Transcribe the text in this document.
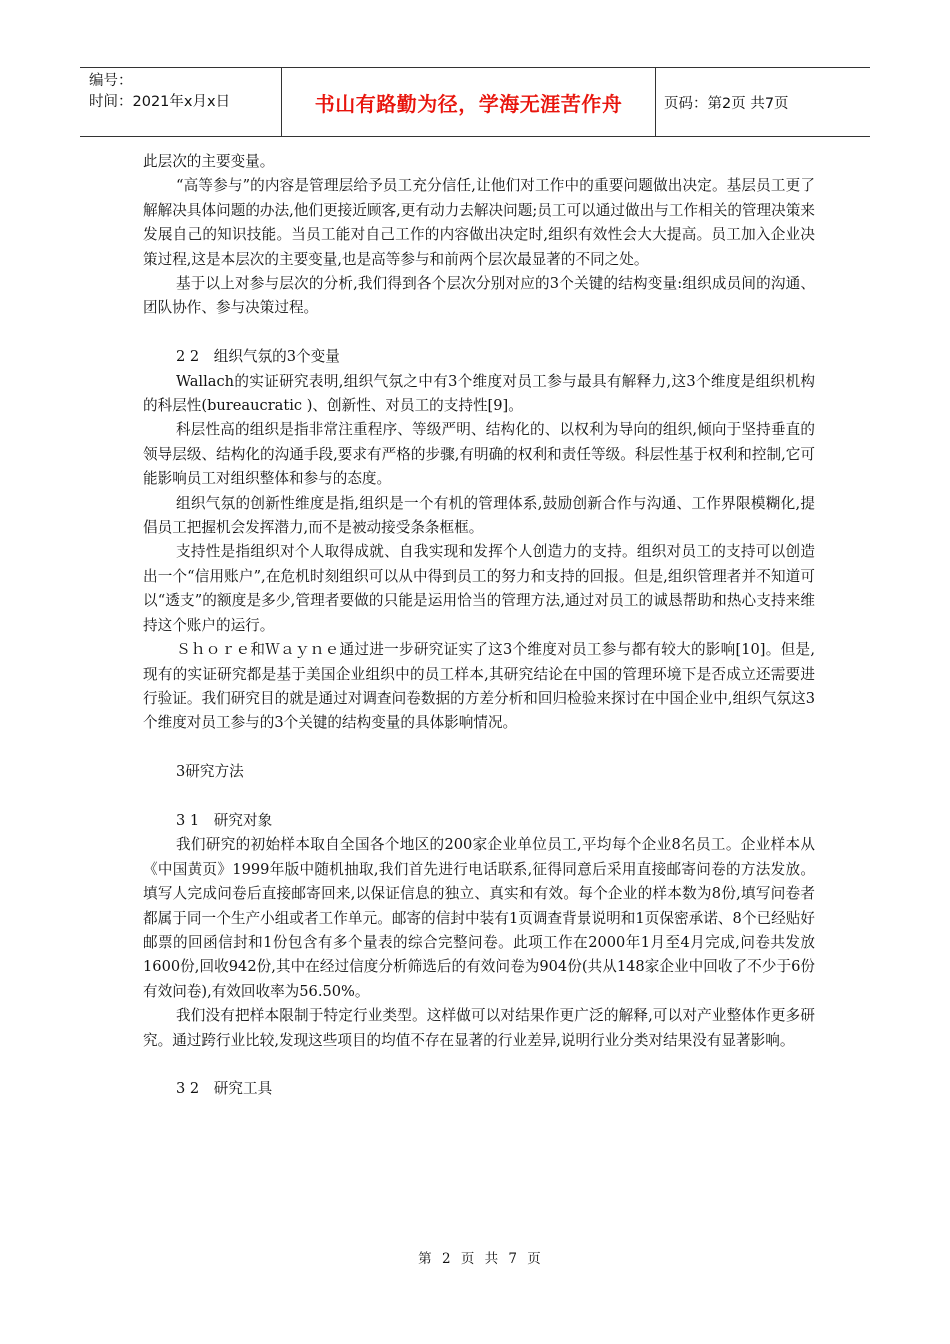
编号：
时间：2021年x月x日	书山有路勤为径，学海无涯苦作舟	页码：第2页 共7页

此层次的主要变量。

“高等参与”的内容是管理层给予员工充分信任,让他们对工作中的重要问题做出决定。基层员工更了解解决具体问题的办法,他们更接近顾客,更有动力去解决问题;员工可以通过做出与工作相关的管理决策来发展自己的知识技能。当员工能对自己工作的内容做出决定时,组织有效性会大大提高。员工加入企业决策过程,这是本层次的主要变量,也是高等参与和前两个层次最显著的不同之处。

基于以上对参与层次的分析,我们得到各个层次分别对应的3个关键的结构变量:组织成员间的沟通、团队协作、参与决策过程。

2 2　组织气氛的3个变量

Wallach的实证研究表明,组织气氛之中有3个维度对员工参与最具有解释力,这3个维度是组织机构的科层性(bureaucratic )、创新性、对员工的支持性[9]。

科层性高的组织是指非常注重程序、等级严明、结构化的、以权利为导向的组织,倾向于坚持垂直的领导层级、结构化的沟通手段,要求有严格的步骤,有明确的权利和责任等级。科层性基于权利和控制,它可能影响员工对组织整体和参与的态度。

组织气氛的创新性维度是指,组织是一个有机的管理体系,鼓励创新合作与沟通、工作界限模糊化,提倡员工把握机会发挥潜力,而不是被动接受条条框框。

支持性是指组织对个人取得成就、自我实现和发挥个人创造力的支持。组织对员工的支持可以创造出一个“信用账户”,在危机时刻组织可以从中得到员工的努力和支持的回报。但是,组织管理者并不知道可以“透支”的额度是多少,管理者要做的只能是运用恰当的管理方法,通过对员工的诚恳帮助和热心支持来维持这个账户的运行。

Ｓｈｏｒｅ和Ｗａｙｎｅ通过进一步研究证实了这3个维度对员工参与都有较大的影响[10]。但是,现有的实证研究都是基于美国企业组织中的员工样本,其研究结论在中国的管理环境下是否成立还需要进行验证。我们研究目的就是通过对调查问卷数据的方差分析和回归检验来探讨在中国企业中,组织气氛这3个维度对员工参与的3个关键的结构变量的具体影响情况。

3研究方法

3 1　研究对象

我们研究的初始样本取自全国各个地区的200家企业单位员工,平均每个企业8名员工。企业样本从《中国黄页》1999年版中随机抽取,我们首先进行电话联系,征得同意后采用直接邮寄问卷的方法发放。填写人完成问卷后直接邮寄回来,以保证信息的独立、真实和有效。每个企业的样本数为8份,填写问卷者都属于同一个生产小组或者工作单元。邮寄的信封中装有1页调查背景说明和1页保密承诺、8个已经贴好邮票的回函信封和1份包含有多个量表的综合完整问卷。此项工作在2000年1月至4月完成,问卷共发放1600份,回收942份,其中在经过信度分析筛选后的有效问卷为904份(共从148家企业中回收了不少于6份有效问卷),有效回收率为56.50%。

我们没有把样本限制于特定行业类型。这样做可以对结果作更广泛的解释,可以对产业整体作更多研究。通过跨行业比较,发现这些项目的均值不存在显著的行业差异,说明行业分类对结果没有显著影响。

3 2　研究工具

第 2 页 共 7 页
